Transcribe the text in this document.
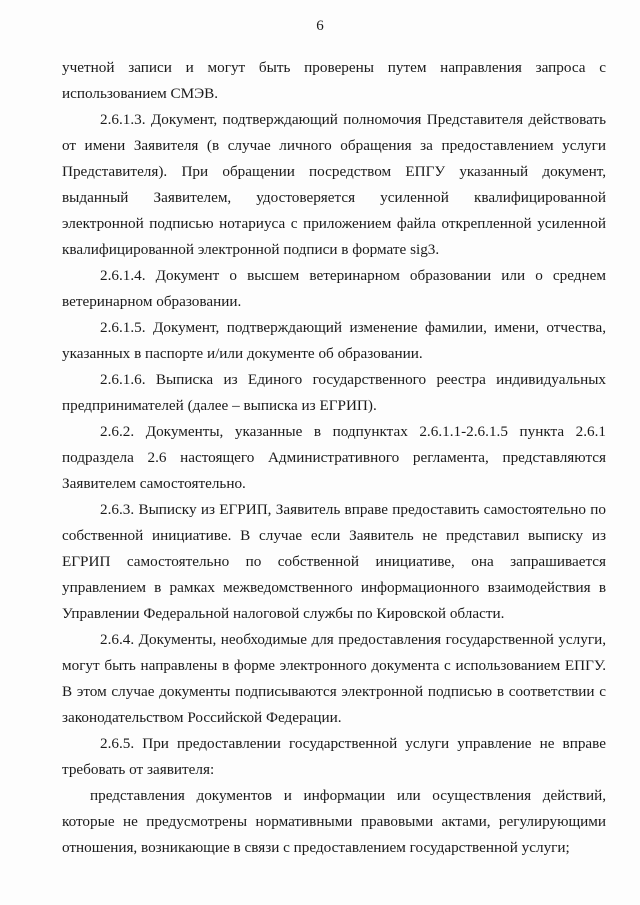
6

учетной записи и могут быть проверены путем направления запроса с использованием СМЭВ.

2.6.1.3. Документ, подтверждающий полномочия Представителя действовать от имени Заявителя (в случае личного обращения за предоставлением услуги Представителя). При обращении посредством ЕПГУ указанный документ, выданный Заявителем, удостоверяется усиленной квалифицированной электронной подписью нотариуса с приложением файла открепленной усиленной квалифицированной электронной подписи в формате sig3.

2.6.1.4. Документ о высшем ветеринарном образовании или о среднем ветеринарном образовании.

2.6.1.5. Документ, подтверждающий изменение фамилии, имени, отчества, указанных в паспорте и/или документе об образовании.

2.6.1.6. Выписка из Единого государственного реестра индивидуальных предпринимателей (далее – выписка из ЕГРИП).

2.6.2. Документы, указанные в подпунктах 2.6.1.1-2.6.1.5 пункта 2.6.1 подраздела 2.6 настоящего Административного регламента, представляются Заявителем самостоятельно.

2.6.3. Выписку из ЕГРИП, Заявитель вправе предоставить самостоятельно по собственной инициативе. В случае если Заявитель не представил выписку из ЕГРИП самостоятельно по собственной инициативе, она запрашивается управлением в рамках межведомственного информационного взаимодействия в Управлении Федеральной налоговой службы по Кировской области.

2.6.4. Документы, необходимые для предоставления государственной услуги, могут быть направлены в форме электронного документа с использованием ЕПГУ. В этом случае документы подписываются электронной подписью в соответствии с законодательством Российской Федерации.

2.6.5. При предоставлении государственной услуги управление не вправе требовать от заявителя:

представления документов и информации или осуществления действий, которые не предусмотрены нормативными правовыми актами, регулирующими отношения, возникающие в связи с предоставлением государственной услуги;
